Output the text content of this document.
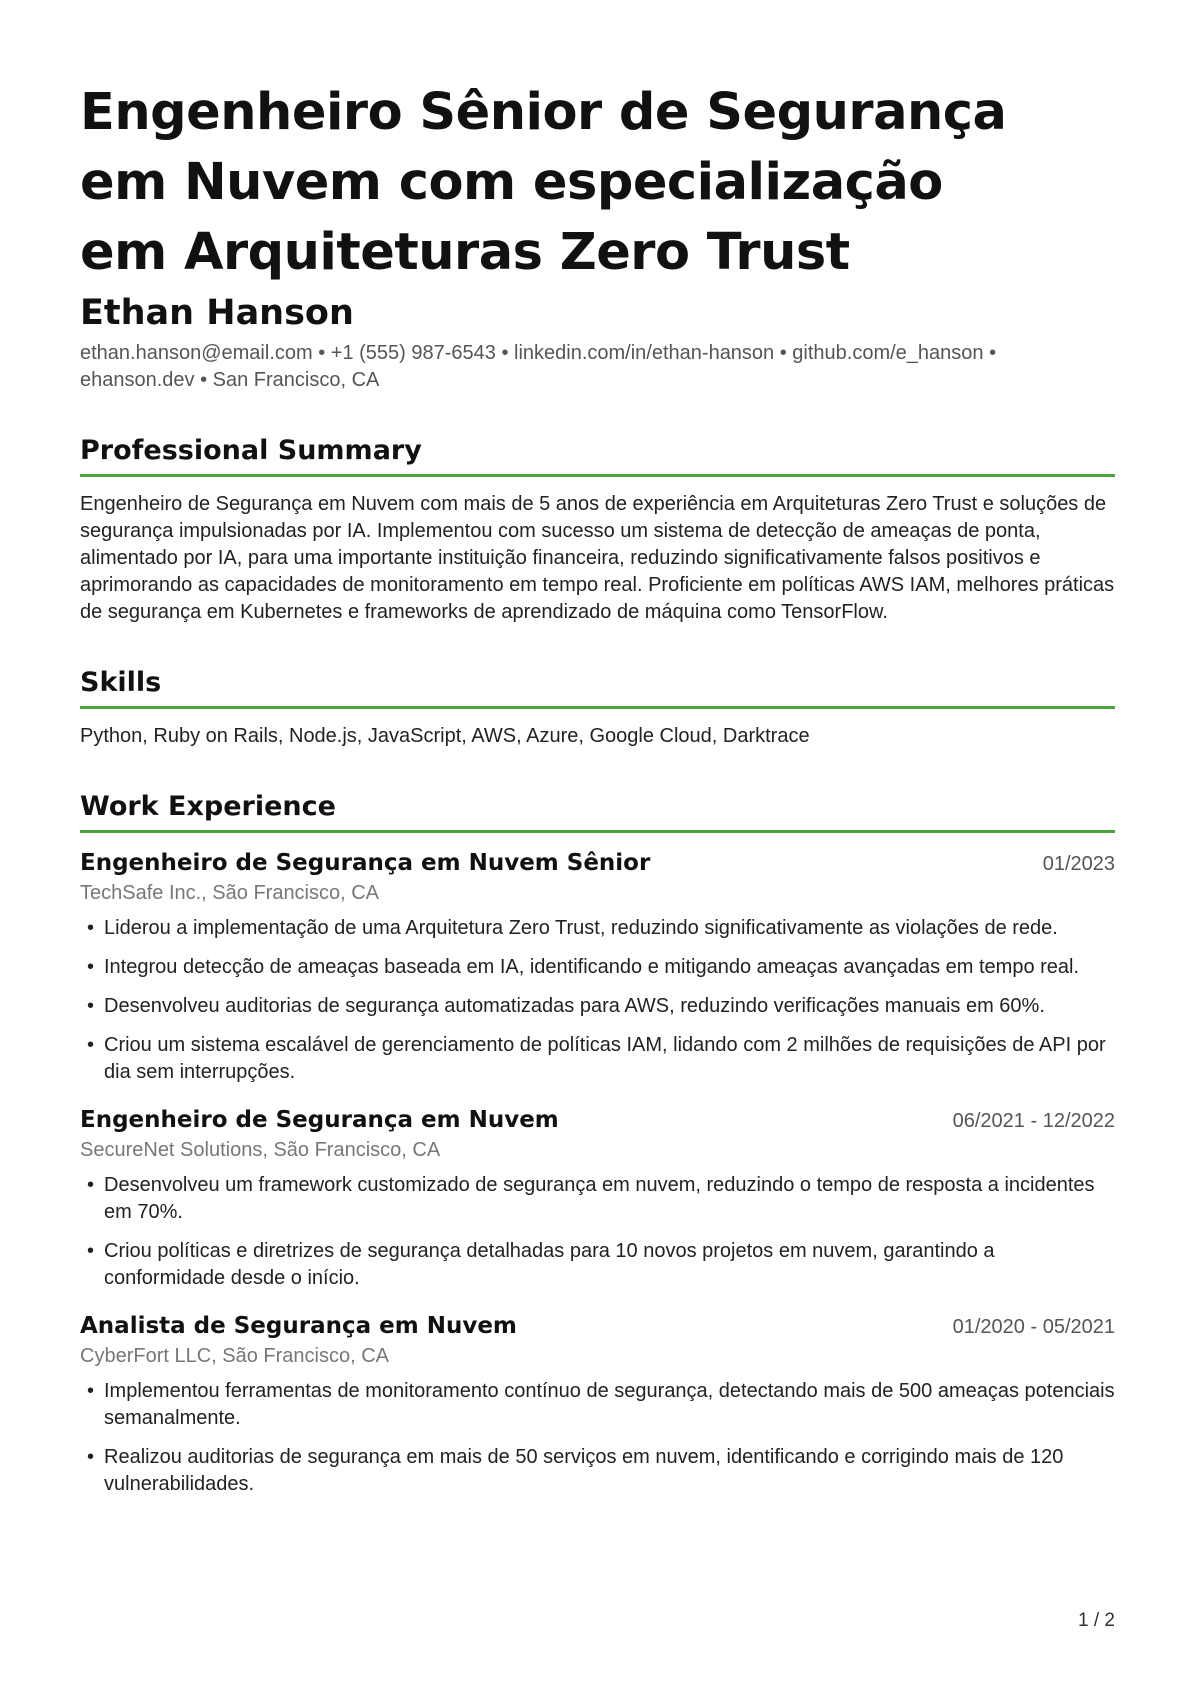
Engenheiro Sênior de Segurança em Nuvem com especialização em Arquiteturas Zero Trust
Ethan Hanson
ethan.hanson@email.com • +1 (555) 987-6543 • linkedin.com/in/ethan-hanson • github.com/e_hanson • ehanson.dev • San Francisco, CA
Professional Summary
Engenheiro de Segurança em Nuvem com mais de 5 anos de experiência em Arquiteturas Zero Trust e soluções de segurança impulsionadas por IA. Implementou com sucesso um sistema de detecção de ameaças de ponta, alimentado por IA, para uma importante instituição financeira, reduzindo significativamente falsos positivos e aprimorando as capacidades de monitoramento em tempo real. Proficiente em políticas AWS IAM, melhores práticas de segurança em Kubernetes e frameworks de aprendizado de máquina como TensorFlow.
Skills
Python, Ruby on Rails, Node.js, JavaScript, AWS, Azure, Google Cloud, Darktrace
Work Experience
Engenheiro de Segurança em Nuvem Sênior	01/2023
TechSafe Inc., São Francisco, CA
• Liderou a implementação de uma Arquitetura Zero Trust, reduzindo significativamente as violações de rede.
• Integrou detecção de ameaças baseada em IA, identificando e mitigando ameaças avançadas em tempo real.
• Desenvolveu auditorias de segurança automatizadas para AWS, reduzindo verificações manuais em 60%.
• Criou um sistema escalável de gerenciamento de políticas IAM, lidando com 2 milhões de requisições de API por dia sem interrupções.
Engenheiro de Segurança em Nuvem	06/2021 - 12/2022
SecureNet Solutions, São Francisco, CA
• Desenvolveu um framework customizado de segurança em nuvem, reduzindo o tempo de resposta a incidentes em 70%.
• Criou políticas e diretrizes de segurança detalhadas para 10 novos projetos em nuvem, garantindo a conformidade desde o início.
Analista de Segurança em Nuvem	01/2020 - 05/2021
CyberFort LLC, São Francisco, CA
• Implementou ferramentas de monitoramento contínuo de segurança, detectando mais de 500 ameaças potenciais semanalmente.
• Realizou auditorias de segurança em mais de 50 serviços em nuvem, identificando e corrigindo mais de 120 vulnerabilidades.
1 / 2
